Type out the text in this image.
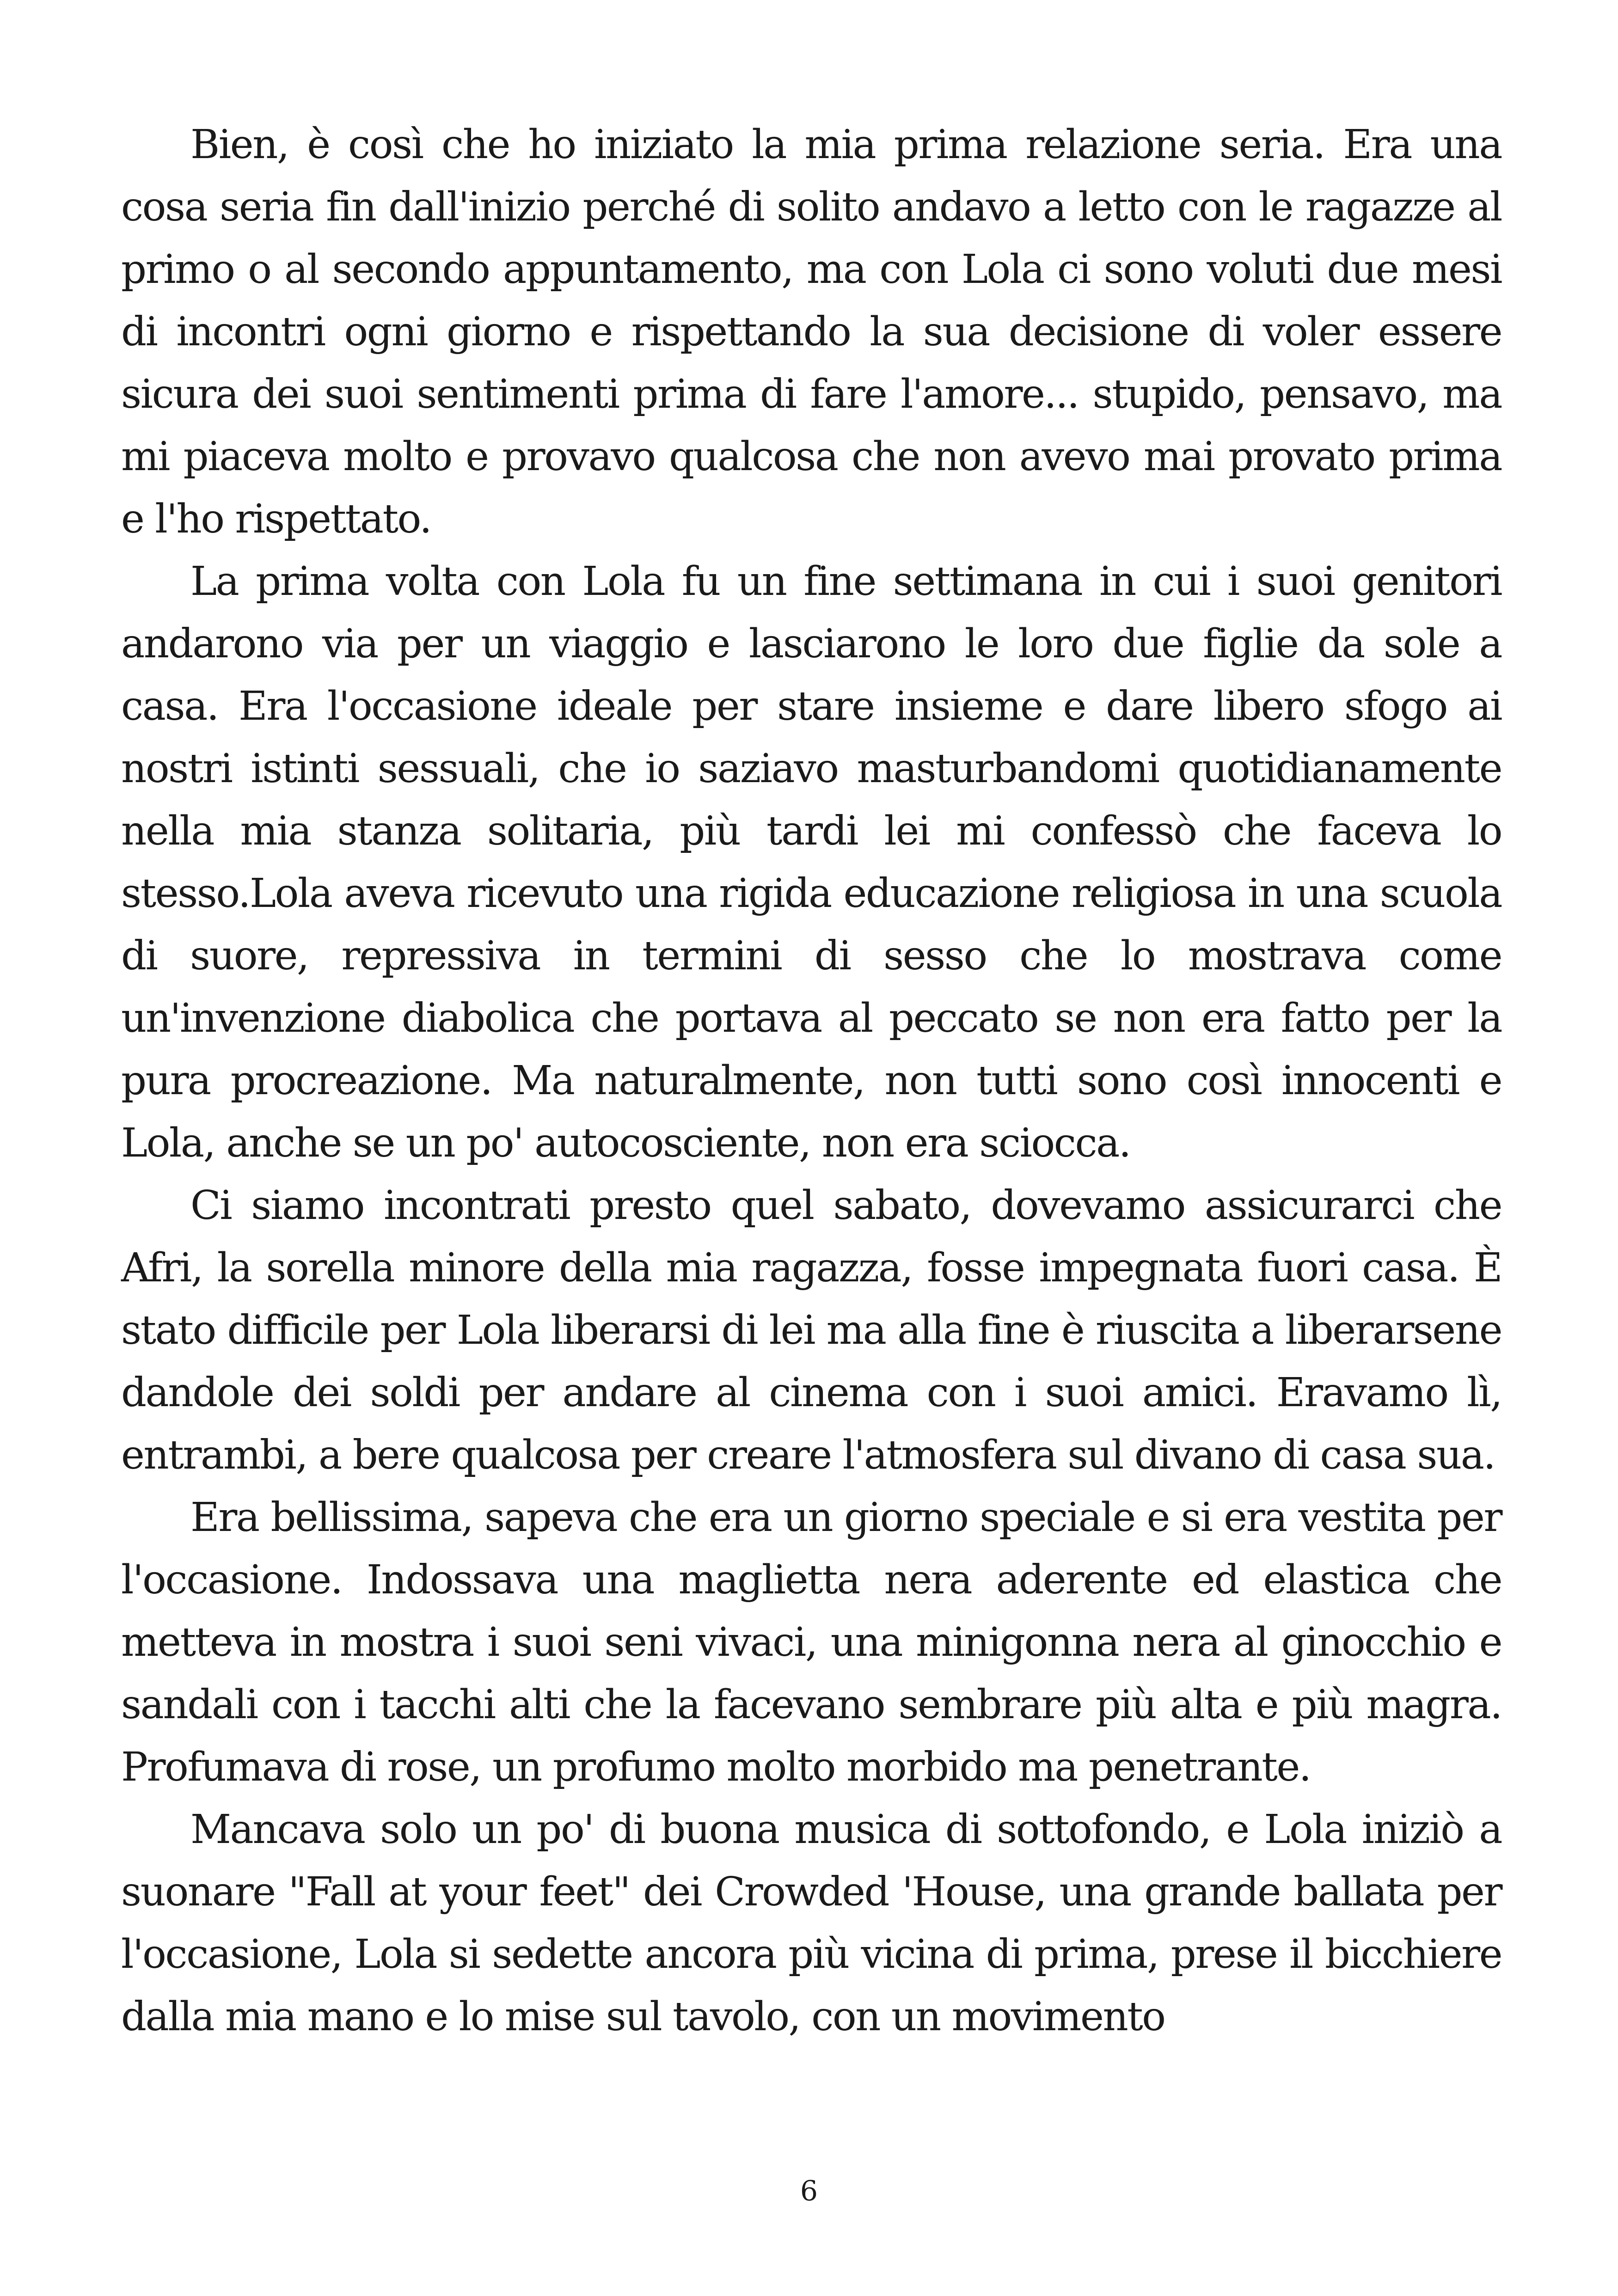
Bien, è così che ho iniziato la mia prima relazione seria. Era una cosa seria fin dall'inizio perché di solito andavo a letto con le ragazze al primo o al secondo appuntamento, ma con Lola ci sono voluti due mesi di incontri ogni giorno e rispettando la sua decisione di voler essere sicura dei suoi sentimenti prima di fare l'amore... stupido, pensavo, ma mi piaceva molto e provavo qualcosa che non avevo mai provato prima e l'ho rispettato.

La prima volta con Lola fu un fine settimana in cui i suoi genitori andarono via per un viaggio e lasciarono le loro due figlie da sole a casa. Era l'occasione ideale per stare insieme e dare libero sfogo ai nostri istinti sessuali, che io saziavo masturbandomi quotidianamente nella mia stanza solitaria, più tardi lei mi confessò che faceva lo stesso.Lola aveva ricevuto una rigida educazione religiosa in una scuola di suore, repressiva in termini di sesso che lo mostrava come un'invenzione diabolica che portava al peccato se non era fatto per la pura procreazione. Ma naturalmente, non tutti sono così innocenti e Lola, anche se un po' autocosciente, non era sciocca.

Ci siamo incontrati presto quel sabato, dovevamo assicurarci che Afri, la sorella minore della mia ragazza, fosse impegnata fuori casa. È stato difficile per Lola liberarsi di lei ma alla fine è riuscita a liberarsene dandole dei soldi per andare al cinema con i suoi amici. Eravamo lì, entrambi, a bere qualcosa per creare l'atmosfera sul divano di casa sua.

Era bellissima, sapeva che era un giorno speciale e si era vestita per l'occasione. Indossava una maglietta nera aderente ed elastica che metteva in mostra i suoi seni vivaci, una minigonna nera al ginocchio e sandali con i tacchi alti che la facevano sembrare più alta e più magra. Profumava di rose, un profumo molto morbido ma penetrante.

Mancava solo un po' di buona musica di sottofondo, e Lola iniziò a suonare "Fall at your feet" dei Crowded 'House, una grande ballata per l'occasione, Lola si sedette ancora più vicina di prima, prese il bicchiere dalla mia mano e lo mise sul tavolo, con un movimento

6
